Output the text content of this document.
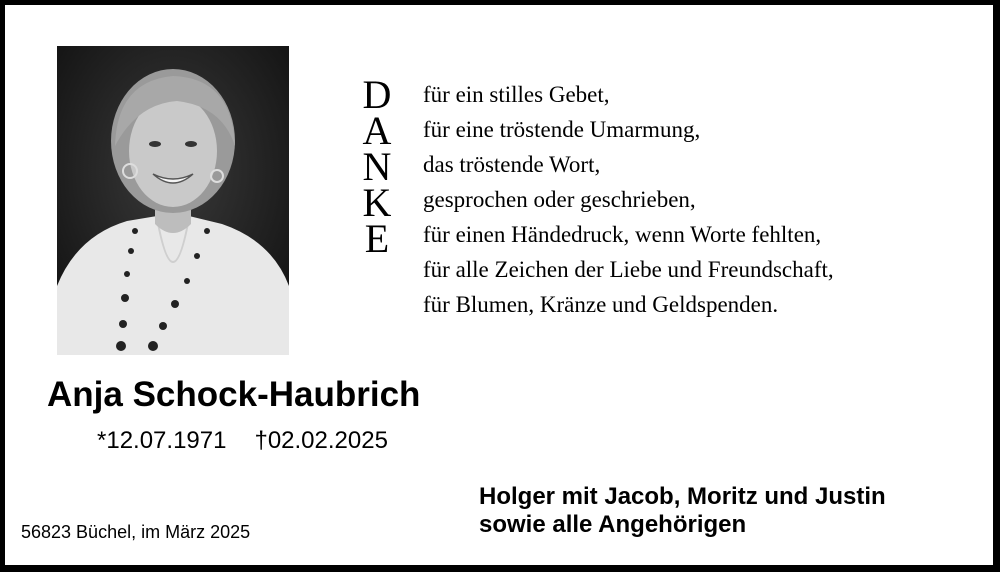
D
A
N
K
E
für ein stilles Gebet,
für eine tröstende Umarmung,
das tröstende Wort,
gesprochen oder geschrieben,
für einen Händedruck, wenn Worte fehlten,
für alle Zeichen der Liebe und Freundschaft,
für Blumen, Kränze und Geldspenden.
Anja Schock-Haubrich
*12.07.1971 †02.02.2025
56823 Büchel, im März 2025
Holger mit Jacob, Moritz und Justin
sowie alle Angehörigen
